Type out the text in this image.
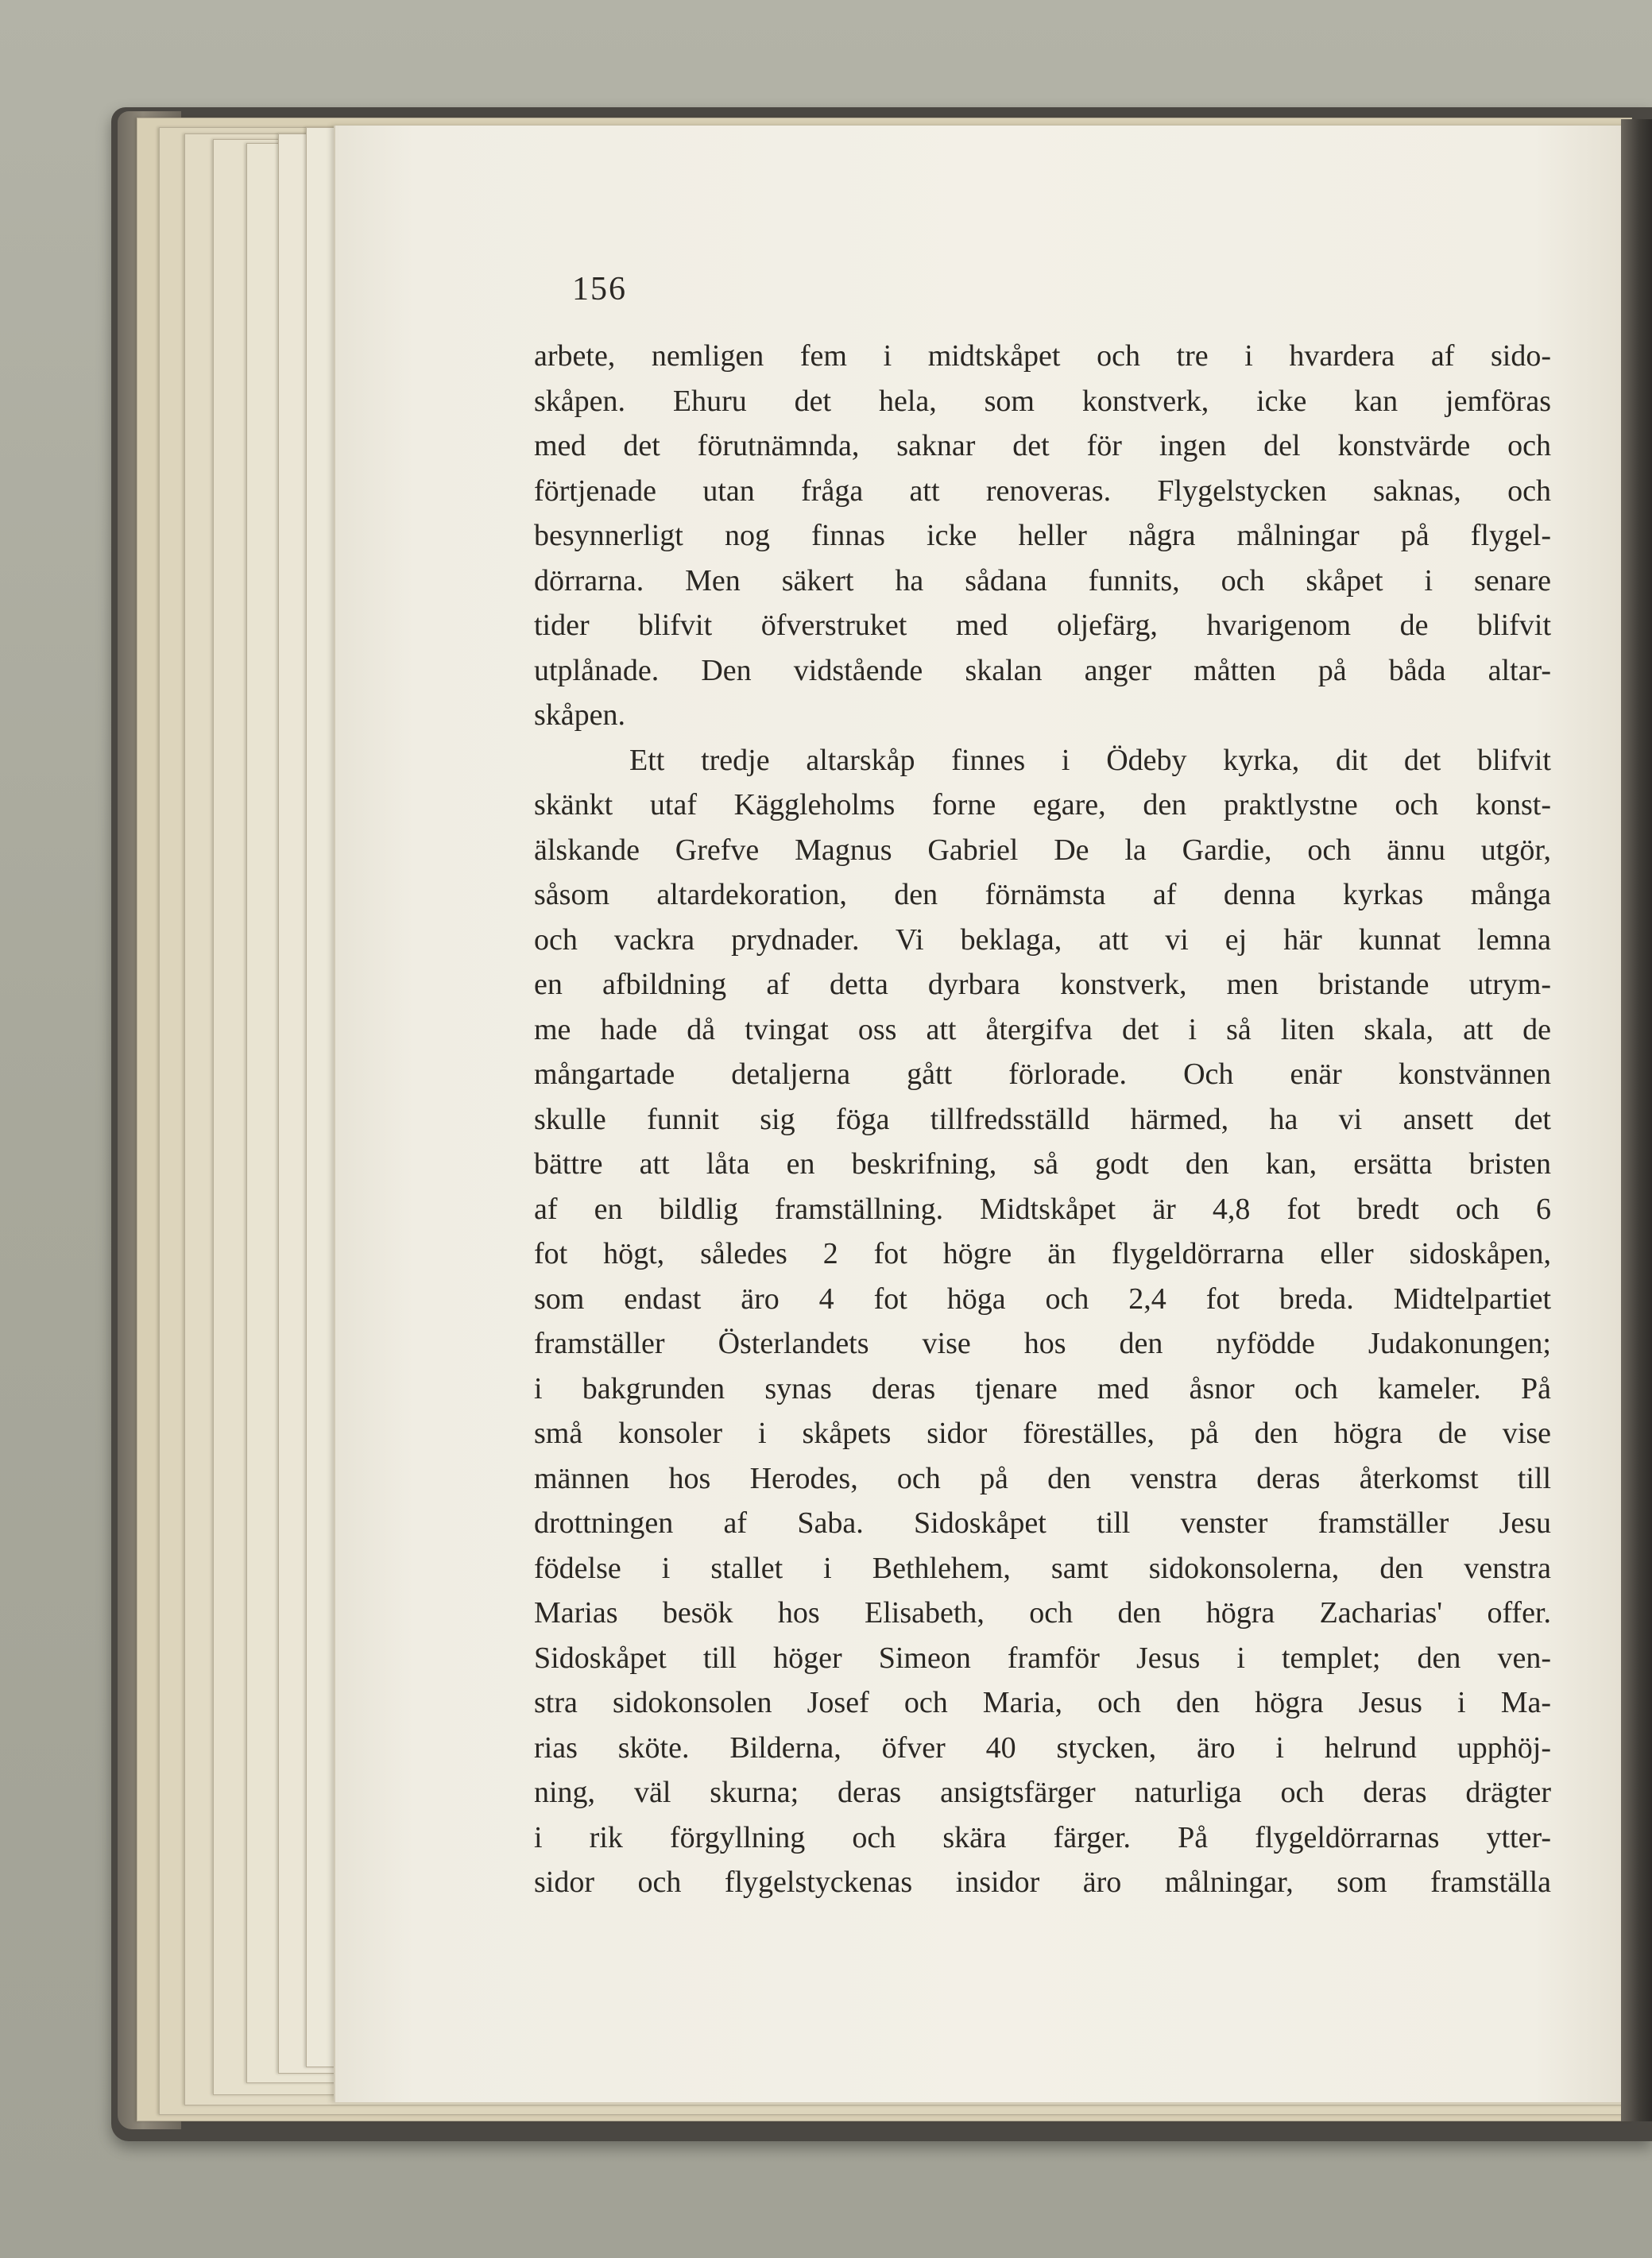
156
arbete, nemligen fem i midtskåpet och tre i hvardera af sido-
skåpen. Ehuru det hela, som konstverk, icke kan jemföras
med det förutnämnda, saknar det för ingen del konstvärde och
förtjenade utan fråga att renoveras. Flygelstycken saknas, och
besynnerligt nog finnas icke heller några målningar på flygel-
dörrarna. Men säkert ha sådana funnits, och skåpet i senare
tider blifvit öfverstruket med oljefärg, hvarigenom de blifvit
utplånade. Den vidstående skalan anger måtten på båda altar-
skåpen.
Ett tredje altarskåp finnes i Ödeby kyrka, dit det blifvit
skänkt utaf Käggleholms forne egare, den praktlystne och konst-
älskande Grefve Magnus Gabriel De la Gardie, och ännu utgör,
såsom altardekoration, den förnämsta af denna kyrkas många
och vackra prydnader. Vi beklaga, att vi ej här kunnat lemna
en afbildning af detta dyrbara konstverk, men bristande utrym-
me hade då tvingat oss att återgifva det i så liten skala, att de
mångartade detaljerna gått förlorade. Och enär konstvännen
skulle funnit sig föga tillfredsställd härmed, ha vi ansett det
bättre att låta en beskrifning, så godt den kan, ersätta bristen
af en bildlig framställning. Midtskåpet är 4,8 fot bredt och 6
fot högt, således 2 fot högre än flygeldörrarna eller sidoskåpen,
som endast äro 4 fot höga och 2,4 fot breda. Midtelpartiet
framställer Österlandets vise hos den nyfödde Judakonungen;
i bakgrunden synas deras tjenare med åsnor och kameler. På
små konsoler i skåpets sidor föreställes, på den högra de vise
männen hos Herodes, och på den venstra deras återkomst till
drottningen af Saba. Sidoskåpet till venster framställer Jesu
födelse i stallet i Bethlehem, samt sidokonsolerna, den venstra
Marias besök hos Elisabeth, och den högra Zacharias' offer.
Sidoskåpet till höger Simeon framför Jesus i templet; den ven-
stra sidokonsolen Josef och Maria, och den högra Jesus i Ma-
rias sköte. Bilderna, öfver 40 stycken, äro i helrund upphöj-
ning, väl skurna; deras ansigtsfärger naturliga och deras drägter
i rik förgyllning och skära färger. På flygeldörrarnas ytter-
sidor och flygelstyckenas insidor äro målningar, som framställa
